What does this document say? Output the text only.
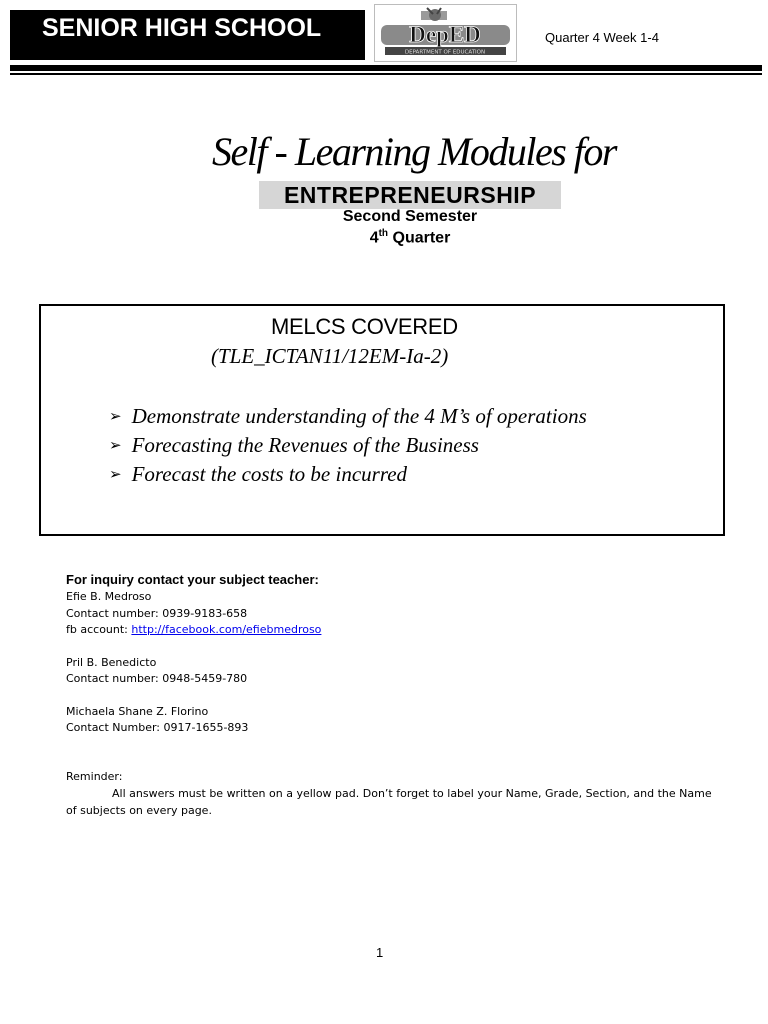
SENIOR HIGH SCHOOL	DepED
DEPARTMENT OF EDUCATION
Quarter 4 Week 1-4
Self - Learning Modules for
ENTREPRENEURSHIP
Second Semester
4th Quarter
MELCS COVERED
(TLE_ICTAN11/12EM-Ia-2)
➢ Demonstrate understanding of the 4 M’s of operations
➢ Forecasting the Revenues of the Business
➢ Forecast the costs to be incurred
For inquiry contact your subject teacher:
Efie B. Medroso
Contact number: 0939-9183-658
fb account: http://facebook.com/efiebmedroso
Pril B. Benedicto
Contact number: 0948-5459-780
Michaela Shane Z. Florino
Contact Number: 0917-1655-893
Reminder:
All answers must be written on a yellow pad. Don’t forget to label your Name, Grade, Section, and the Name of subjects on every page.
1
